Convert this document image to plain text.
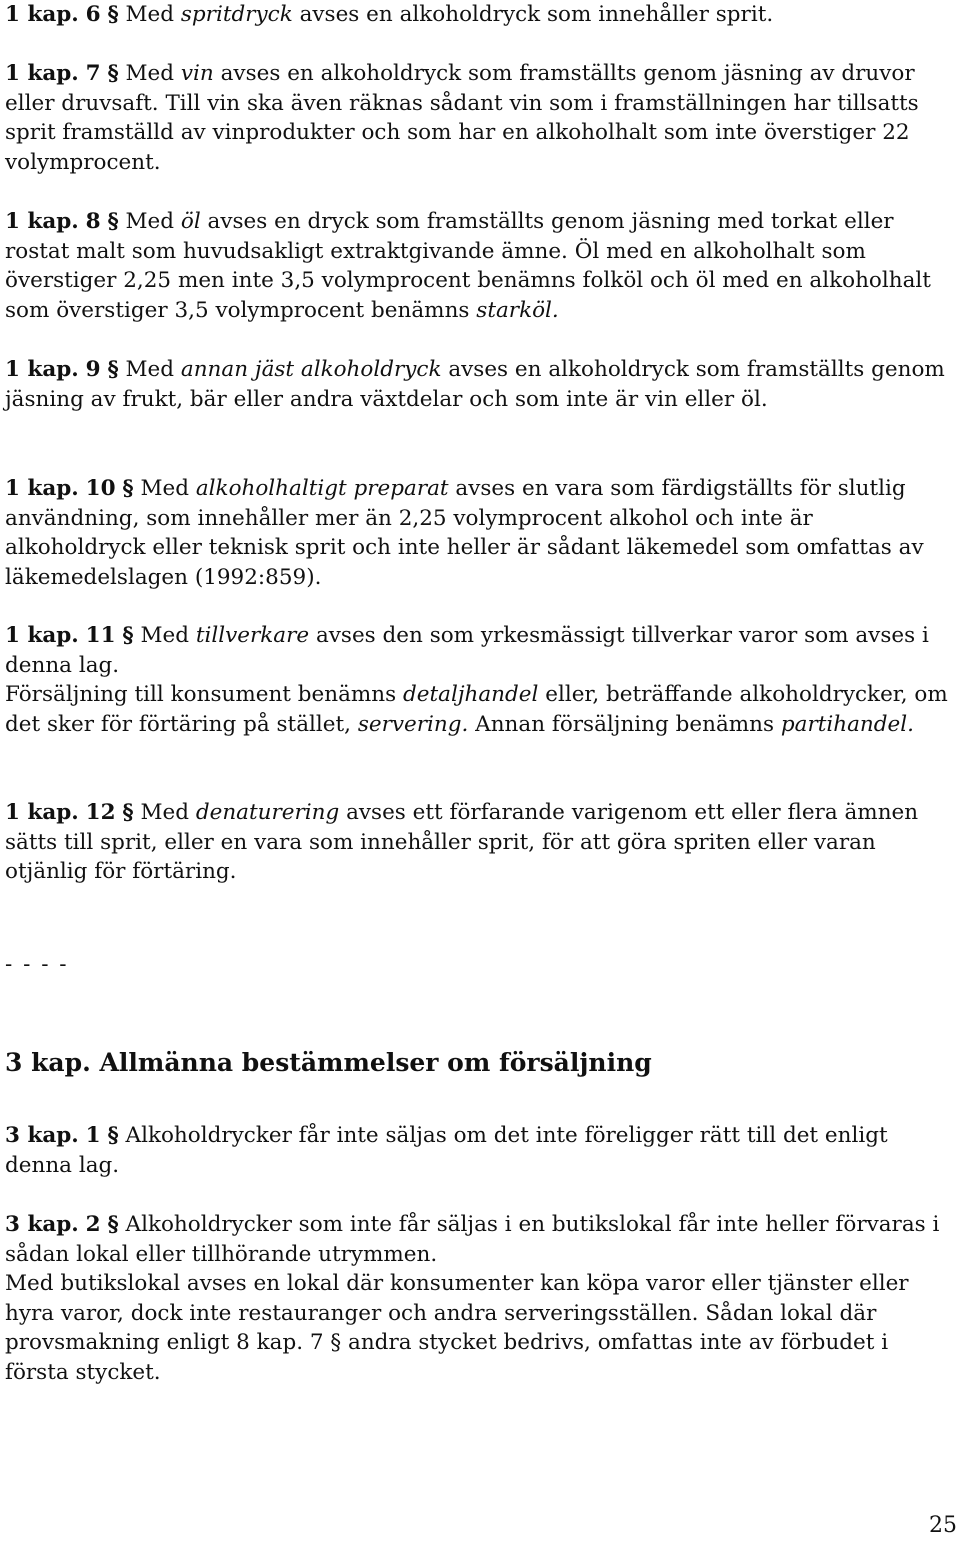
1 kap. 6 § Med spritdryck avses en alkoholdryck som innehåller sprit.

1 kap. 7 § Med vin avses en alkoholdryck som framställts genom jäsning av druvor eller druvsaft. Till vin ska även räknas sådant vin som i framställningen har tillsatts sprit framställd av vinprodukter och som har en alkoholhalt som inte överstiger 22 volymprocent.

1 kap. 8 § Med öl avses en dryck som framställts genom jäsning med torkat eller rostat malt som huvudsakligt extraktgivande ämne. Öl med en alkoholhalt som överstiger 2,25 men inte 3,5 volymprocent benämns folköl och öl med en alkoholhalt som överstiger 3,5 volymprocent benämns starköl.

1 kap. 9 § Med annan jäst alkoholdryck avses en alkoholdryck som framställts genom jäsning av frukt, bär eller andra växtdelar och som inte är vin eller öl.

1 kap. 10 § Med alkoholhaltigt preparat avses en vara som färdigställts för slutlig användning, som innehåller mer än 2,25 volymprocent alkohol och inte är alkoholdryck eller teknisk sprit och inte heller är sådant läkemedel som omfattas av läkemedelslagen (1992:859).

1 kap. 11 § Med tillverkare avses den som yrkesmässigt tillverkar varor som avses i denna lag.
Försäljning till konsument benämns detaljhandel eller, beträffande alkoholdrycker, om det sker för förtäring på stället, servering. Annan försäljning benämns partihandel.

1 kap. 12 § Med denaturering avses ett förfarande varigenom ett eller flera ämnen sätts till sprit, eller en vara som innehåller sprit, för att göra spriten eller varan otjänlig för förtäring.

- - - -

3 kap. Allmänna bestämmelser om försäljning

3 kap. 1 § Alkoholdrycker får inte säljas om det inte föreligger rätt till det enligt denna lag.

3 kap. 2 § Alkoholdrycker som inte får säljas i en butikslokal får inte heller förvaras i sådan lokal eller tillhörande utrymmen.
Med butikslokal avses en lokal där konsumenter kan köpa varor eller tjänster eller hyra varor, dock inte restauranger och andra serveringsställen. Sådan lokal där provsmakning enligt 8 kap. 7 § andra stycket bedrivs, omfattas inte av förbudet i första stycket.

25
